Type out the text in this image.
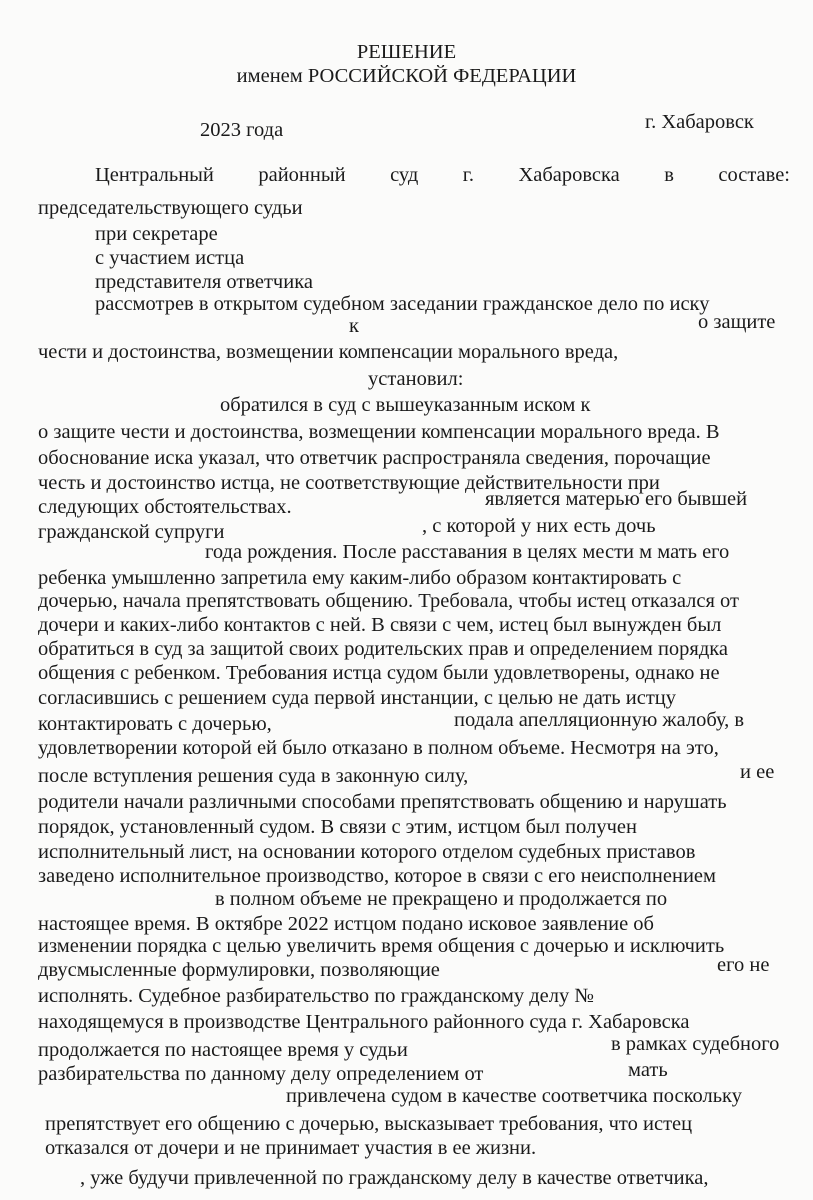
РЕШЕНИЕ
именем РОССИЙСКОЙ ФЕДЕРАЦИИ
2023 года	г. Хабаровск
Центральный районный суд г. Хабаровска в составе:
председательствующего судьи
при секретаре
с участием истца
представителя ответчика
рассмотрев в открытом судебном заседании гражданское дело по иску
к	о защите
чести и достоинства, возмещении компенсации морального вреда,
установил:
обратился в суд с вышеуказанным иском к
о защите чести и достоинства, возмещении компенсации морального вреда. В
обоснование иска указал, что ответчик распространяла сведения, порочащие
честь и достоинство истца, не соответствующие действительности при
следующих обстоятельствах.	является матерью его бывшей
гражданской супруги	, с которой у них есть дочь
года рождения. После расставания в целях мести м мать его
ребенка умышленно запретила ему каким-либо образом контактировать с
дочерью, начала препятствовать общению. Требовала, чтобы истец отказался от
дочери и каких-либо контактов с ней. В связи с чем, истец был вынужден был
обратиться в суд за защитой своих родительских прав и определением порядка
общения с ребенком. Требования истца судом были удовлетворены, однако не
согласившись с решением суда первой инстанции, с целью не дать истцу
контактировать с дочерью,	подала апелляционную жалобу, в
удовлетворении которой ей было отказано в полном объеме. Несмотря на это,
после вступления решения суда в законную силу,	и ее
родители начали различными способами препятствовать общению и нарушать
порядок, установленный судом. В связи с этим, истцом был получен
исполнительный лист, на основании которого отделом судебных приставов
заведено исполнительное производство, которое в связи с его неисполнением
в полном объеме не прекращено и продолжается по
настоящее время. В октябре 2022 истцом подано исковое заявление об
изменении порядка с целью увеличить время общения с дочерью и исключить
двусмысленные формулировки, позволяющие	его не
исполнять. Судебное разбирательство по гражданскому делу №
находящемуся в производстве Центрального районного суда г. Хабаровска
продолжается по настоящее время у судьи	в рамках судебного
разбирательства по данному делу определением от	мать
привлечена судом в качестве соответчика поскольку
препятствует его общению с дочерью, высказывает требования, что истец
отказался от дочери и не принимает участия в ее жизни.
, уже будучи привлеченной по гражданскому делу в качестве ответчика,
